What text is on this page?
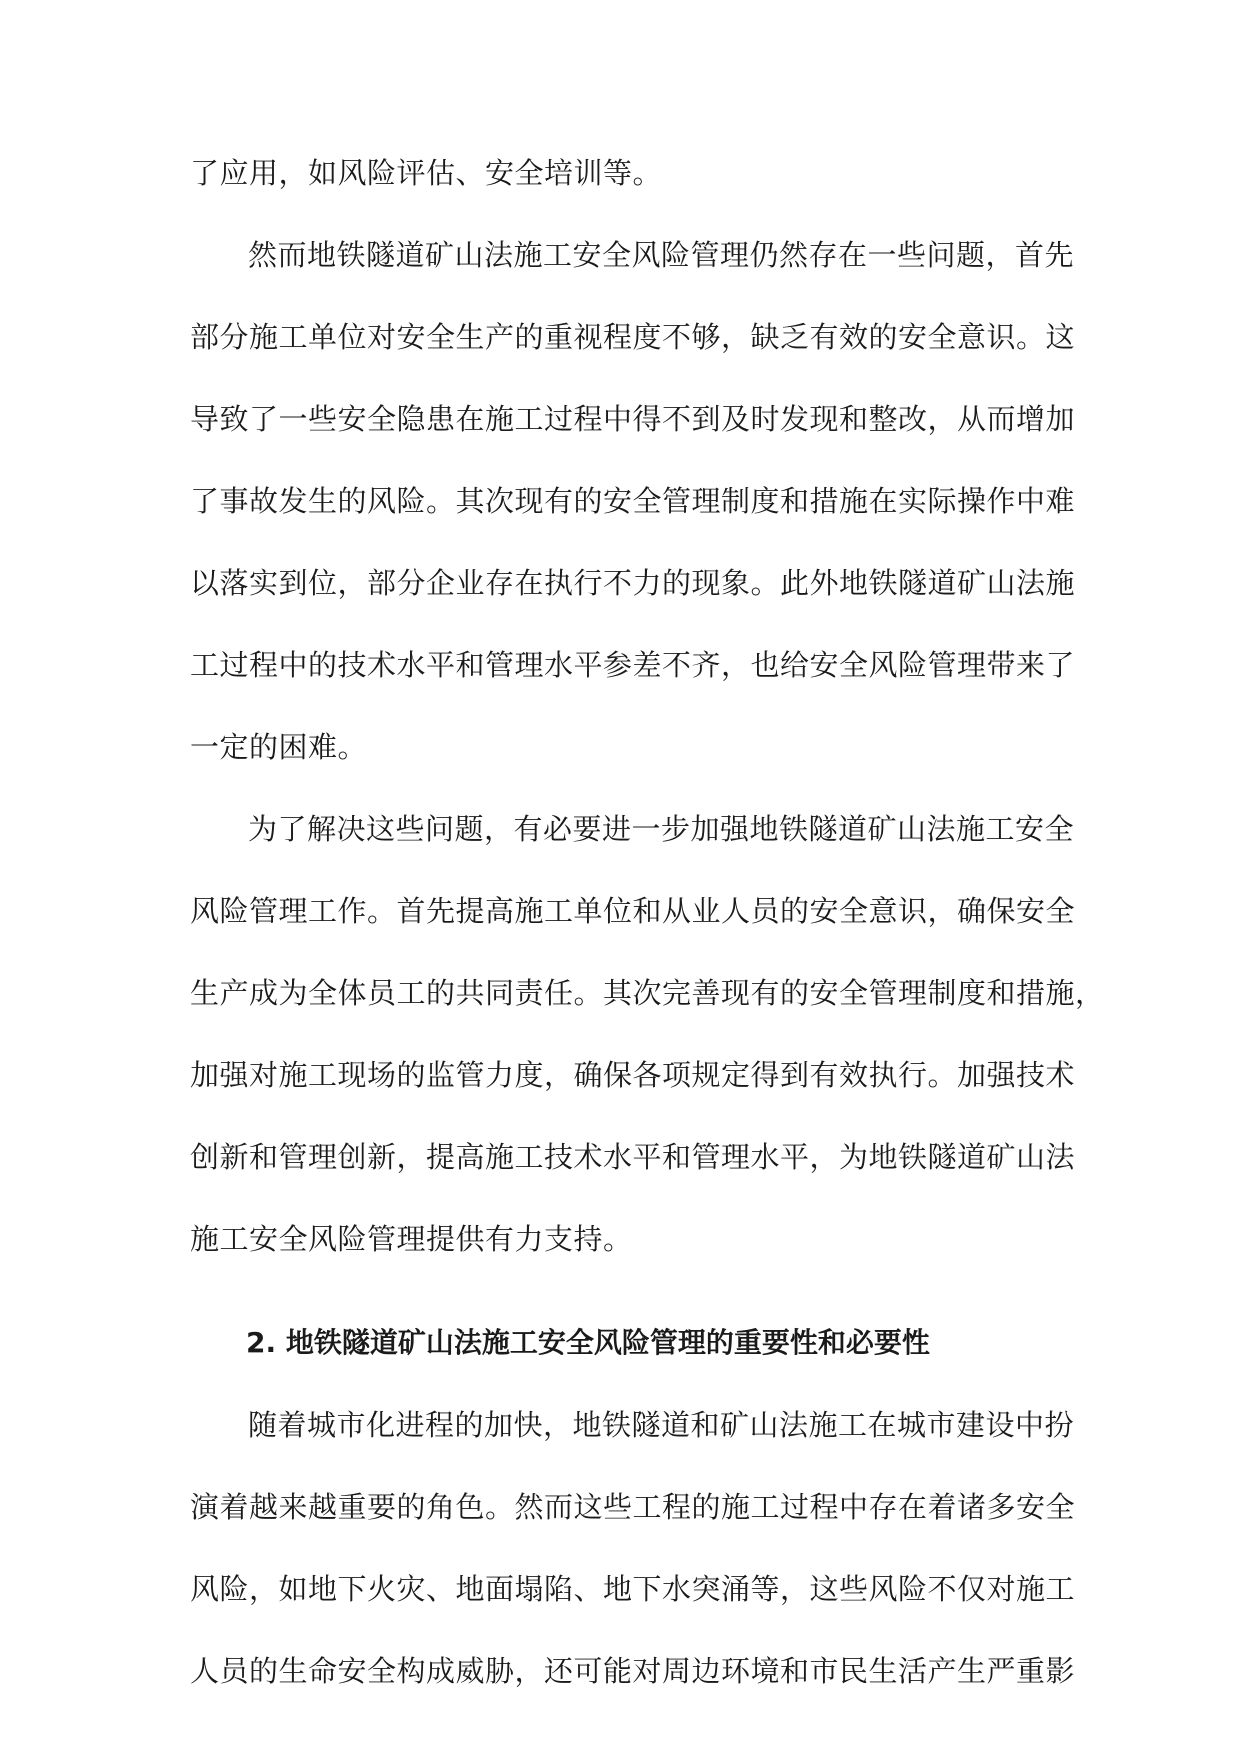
了应用，如风险评估、安全培训等。
然而地铁隧道矿山法施工安全风险管理仍然存在一些问题，首先
部分施工单位对安全生产的重视程度不够，缺乏有效的安全意识。这
导致了一些安全隐患在施工过程中得不到及时发现和整改，从而增加
了事故发生的风险。其次现有的安全管理制度和措施在实际操作中难
以落实到位，部分企业存在执行不力的现象。此外地铁隧道矿山法施
工过程中的技术水平和管理水平参差不齐，也给安全风险管理带来了
一定的困难。
为了解决这些问题，有必要进一步加强地铁隧道矿山法施工安全
风险管理工作。首先提高施工单位和从业人员的安全意识，确保安全
生产成为全体员工的共同责任。其次完善现有的安全管理制度和措施，
加强对施工现场的监管力度，确保各项规定得到有效执行。加强技术
创新和管理创新，提高施工技术水平和管理水平，为地铁隧道矿山法
施工安全风险管理提供有力支持。
2. 地铁隧道矿山法施工安全风险管理的重要性和必要性
随着城市化进程的加快，地铁隧道和矿山法施工在城市建设中扮
演着越来越重要的角色。然而这些工程的施工过程中存在着诸多安全
风险，如地下火灾、地面塌陷、地下水突涌等，这些风险不仅对施工
人员的生命安全构成威胁，还可能对周边环境和市民生活产生严重影
